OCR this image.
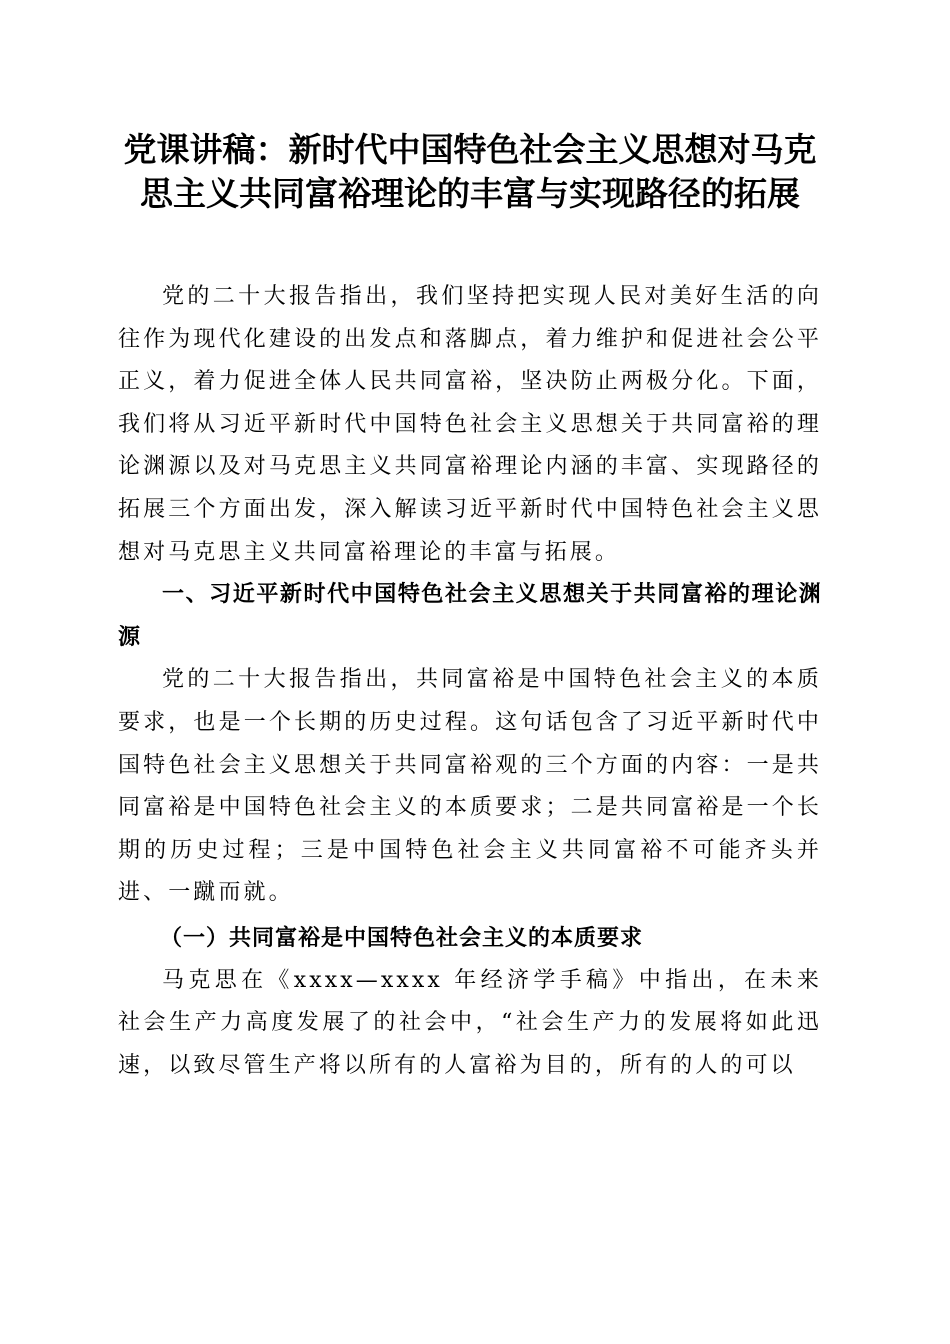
党课讲稿：新时代中国特色社会主义思想对马克思主义共同富裕理论的丰富与实现路径的拓展

党的二十大报告指出，我们坚持把实现人民对美好生活的向往作为现代化建设的出发点和落脚点，着力维护和促进社会公平正义，着力促进全体人民共同富裕，坚决防止两极分化。下面，我们将从习近平新时代中国特色社会主义思想关于共同富裕的理论渊源以及对马克思主义共同富裕理论内涵的丰富、实现路径的拓展三个方面出发，深入解读习近平新时代中国特色社会主义思想对马克思主义共同富裕理论的丰富与拓展。

一、习近平新时代中国特色社会主义思想关于共同富裕的理论渊源

党的二十大报告指出，共同富裕是中国特色社会主义的本质要求，也是一个长期的历史过程。这句话包含了习近平新时代中国特色社会主义思想关于共同富裕观的三个方面的内容：一是共同富裕是中国特色社会主义的本质要求；二是共同富裕是一个长期的历史过程；三是中国特色社会主义共同富裕不可能齐头并进、一蹴而就。

（一）共同富裕是中国特色社会主义的本质要求

马克思在《xxxx—xxxx 年经济学手稿》中指出，在未来社会生产力高度发展了的社会中，“社会生产力的发展将如此迅速，以致尽管生产将以所有的人富裕为目的，所有的人的可以
